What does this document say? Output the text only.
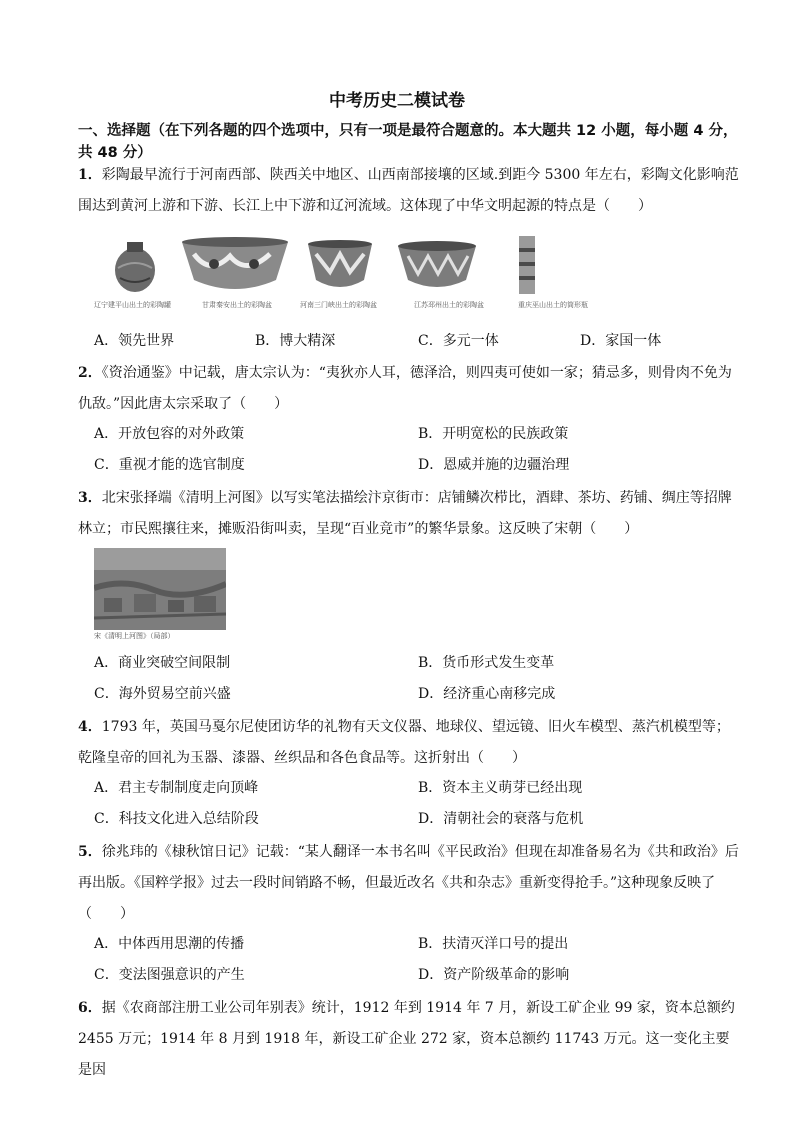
中考历史二模试卷
一、选择题（在下列各题的四个选项中，只有一项是最符合题意的。本大题共 12 小题，每小题 4 分，共 48 分）
1．彩陶最早流行于河南西部、陕西关中地区、山西南部接壤的区域.到距今 5300 年左右，彩陶文化影响范围达到黄河上游和下游、长江上中下游和辽河流域。这体现了中华文明起源的特点是（　　）
辽宁建平山出土的彩陶罐	甘肃秦安出土的彩陶盆	河南三门峡出土的彩陶盆	江苏邳州出土的彩陶盆	重庆巫山出土的筒形瓶
A．领先世界	B．博大精深	C．多元一体	D．家国一体
2．《资治通鉴》中记载，唐太宗认为：“夷狄亦人耳，德泽洽，则四夷可使如一家；猜忌多，则骨肉不免为仇敌。”因此唐太宗采取了（　　）
A．开放包容的对外政策	B．开明宽松的民族政策
C．重视才能的选官制度	D．恩威并施的边疆治理
3．北宋张择端《清明上河图》以写实笔法描绘汴京街市：店铺鳞次栉比，酒肆、茶坊、药铺、绸庄等招牌林立；市民熙攘往来，摊贩沿街叫卖，呈现“百业竞市”的繁华景象。这反映了宋朝（　　）
宋《清明上河图》（局部）
A．商业突破空间限制	B．货币形式发生变革
C．海外贸易空前兴盛	D．经济重心南移完成
4．1793 年，英国马戛尔尼使团访华的礼物有天文仪器、地球仪、望远镜、旧火车模型、蒸汽机模型等；乾隆皇帝的回礼为玉器、漆器、丝织品和各色食品等。这折射出（　　）
A．君主专制制度走向顶峰	B．资本主义萌芽已经出现
C．科技文化进入总结阶段	D．清朝社会的衰落与危机
5．徐兆玮的《棣秋馆日记》记载：“某人翻译一本书名叫《平民政治》但现在却准备易名为《共和政治》后再出版。《国粹学报》过去一段时间销路不畅，但最近改名《共和杂志》重新变得抢手。”这种现象反映了（　　）
A．中体西用思潮的传播	B．扶清灭洋口号的提出
C．变法图强意识的产生	D．资产阶级革命的影响
6．据《农商部注册工业公司年别表》统计，1912 年到 1914 年 7 月，新设工矿企业 99 家，资本总额约 2455 万元；1914 年 8 月到 1918 年，新设工矿企业 272 家，资本总额约 11743 万元。这一变化主要是因
